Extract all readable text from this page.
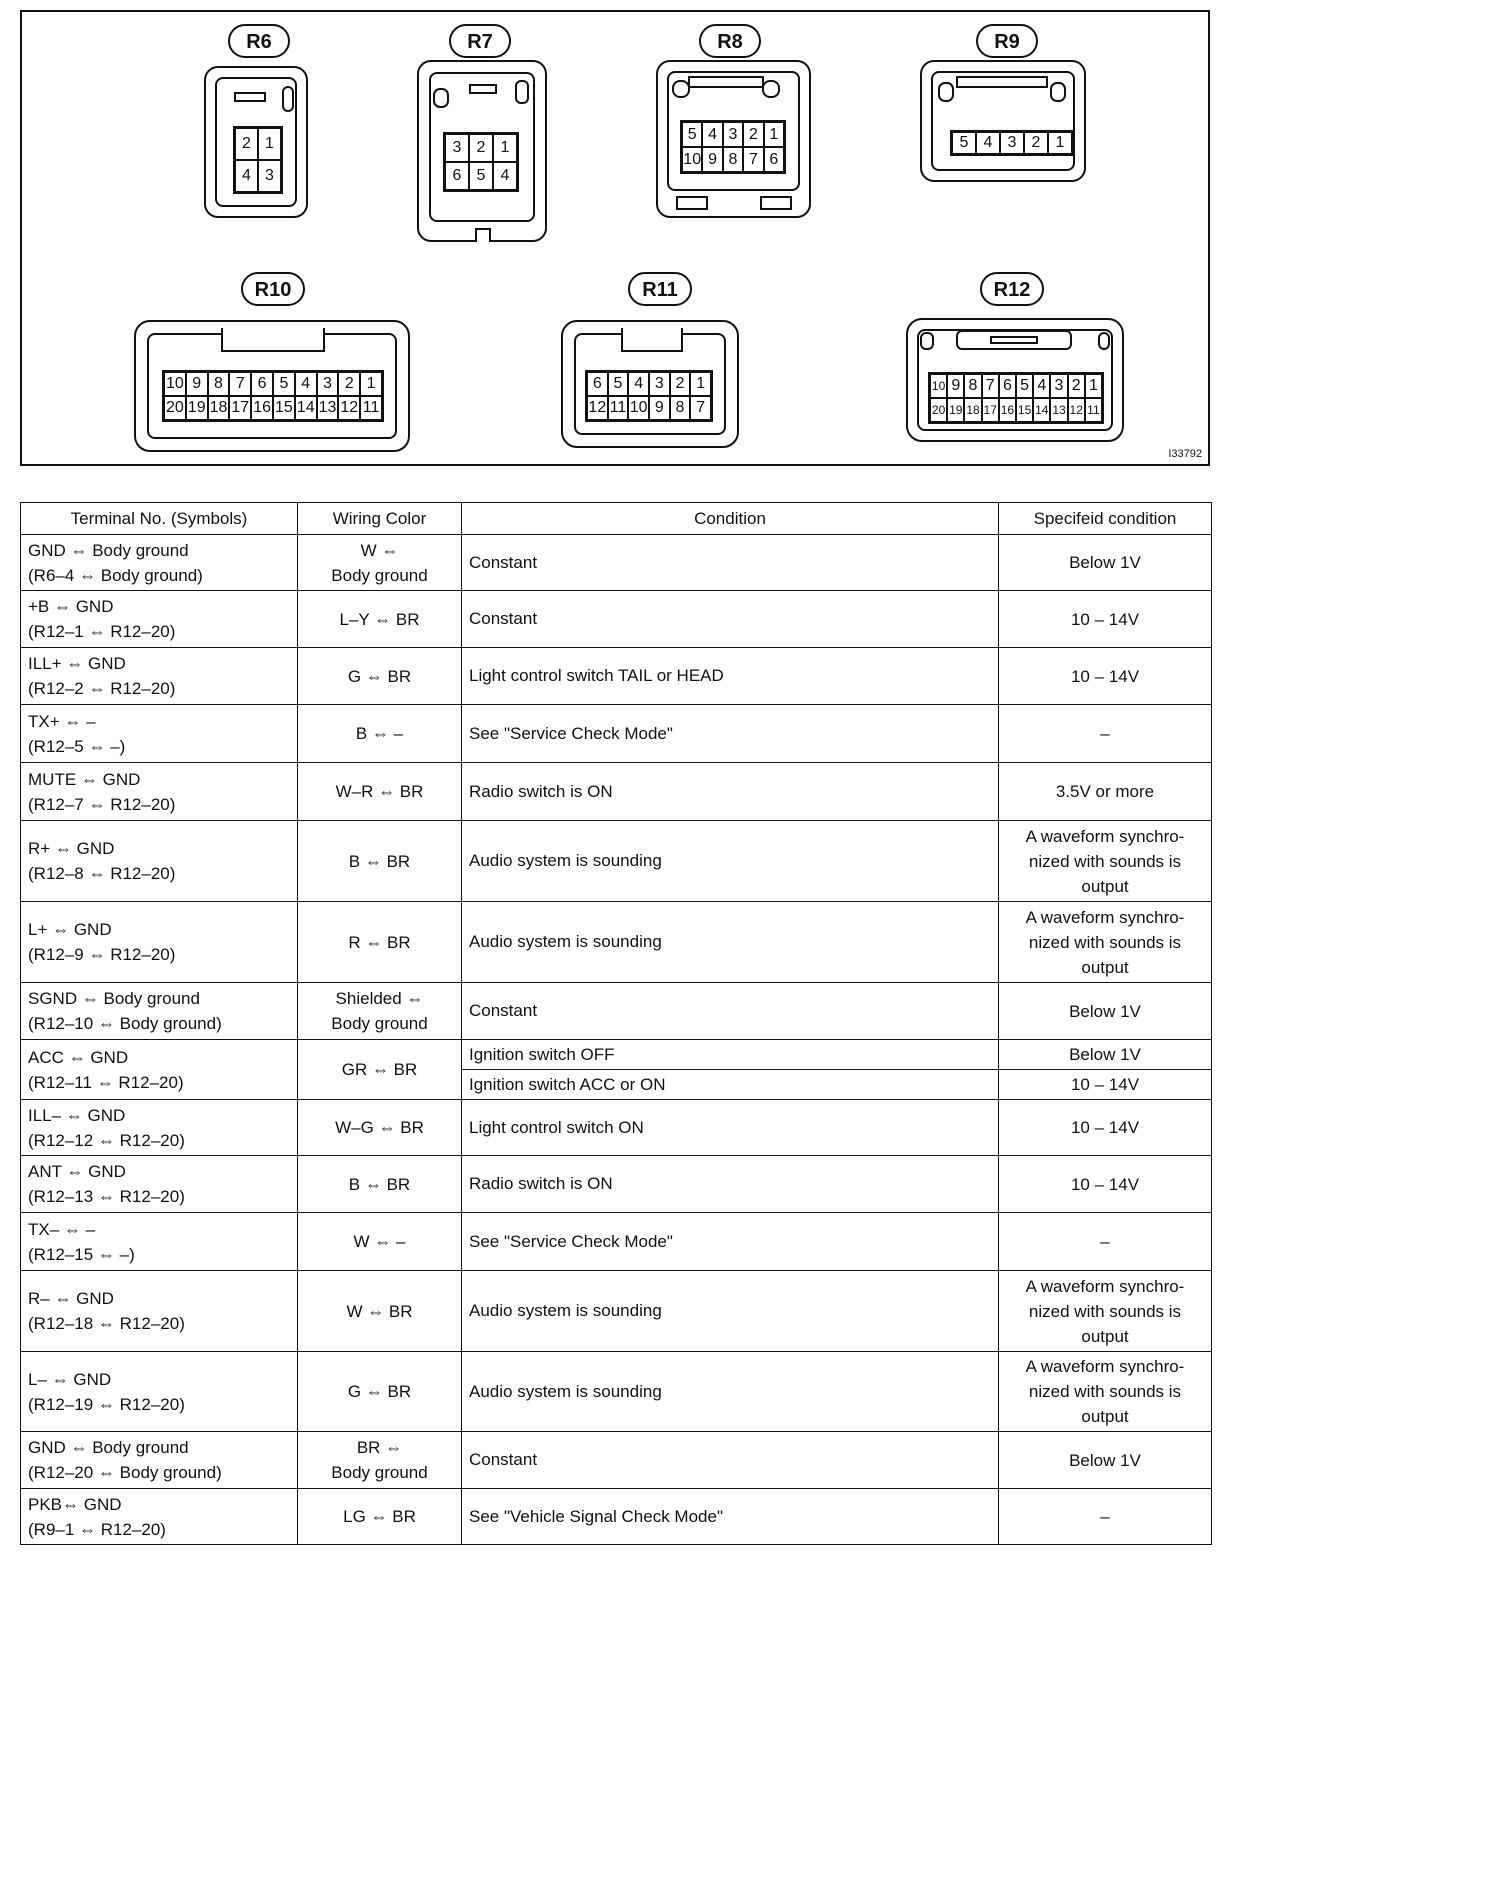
R6
2 1
4 3
R7
3 2 1
6 5 4
R8
5 4 3 2 1
10 9 8 7 6
R9
5 4 3 2 1
R10
10 9 8 7 6 5 4 3 2 1
20 19 18 17 16 15 14 13 12 11
R11
6 5 4 3 2 1
12 11 10 9 8 7
R12
10 9 8 7 6 5 4 3 2 1
20 19 18 17 16 15 14 13 12 11
I33792
Terminal No. (Symbols)	Wiring Color	Condition	Specifeid condition
GND ⇔ Body ground
(R6–4 ⇔ Body ground)	W ⇔
Body ground	Constant	Below 1V
+B ⇔ GND
(R12–1 ⇔ R12–20)	L–Y ⇔ BR	Constant	10 – 14V
ILL+ ⇔ GND
(R12–2 ⇔ R12–20)	G ⇔ BR	Light control switch TAIL or HEAD	10 – 14V
TX+ ⇔ –
(R12–5 ⇔ –)	B ⇔ –	See "Service Check Mode"	–
MUTE ⇔ GND
(R12–7 ⇔ R12–20)	W–R ⇔ BR	Radio switch is ON	3.5V or more
R+ ⇔ GND
(R12–8 ⇔ R12–20)	B ⇔ BR	Audio system is sounding	A waveform synchro-
nized with sounds is
output
L+ ⇔ GND
(R12–9 ⇔ R12–20)	R ⇔ BR	Audio system is sounding	A waveform synchro-
nized with sounds is
output
SGND ⇔ Body ground
(R12–10 ⇔ Body ground)	Shielded ⇔
Body ground	Constant	Below 1V
ACC ⇔ GND
(R12–11 ⇔ R12–20)	GR ⇔ BR	Ignition switch OFF	Below 1V
		Ignition switch ACC or ON	10 – 14V
ILL– ⇔ GND
(R12–12 ⇔ R12–20)	W–G ⇔ BR	Light control switch ON	10 – 14V
ANT ⇔ GND
(R12–13 ⇔ R12–20)	B ⇔ BR	Radio switch is ON	10 – 14V
TX– ⇔ –
(R12–15 ⇔ –)	W ⇔ –	See "Service Check Mode"	–
R– ⇔ GND
(R12–18 ⇔ R12–20)	W ⇔ BR	Audio system is sounding	A waveform synchro-
nized with sounds is
output
L– ⇔ GND
(R12–19 ⇔ R12–20)	G ⇔ BR	Audio system is sounding	A waveform synchro-
nized with sounds is
output
GND ⇔ Body ground
(R12–20 ⇔ Body ground)	BR ⇔
Body ground	Constant	Below 1V
PKB⇔ GND
(R9–1 ⇔ R12–20)	LG ⇔ BR	See "Vehicle Signal Check Mode"	–
